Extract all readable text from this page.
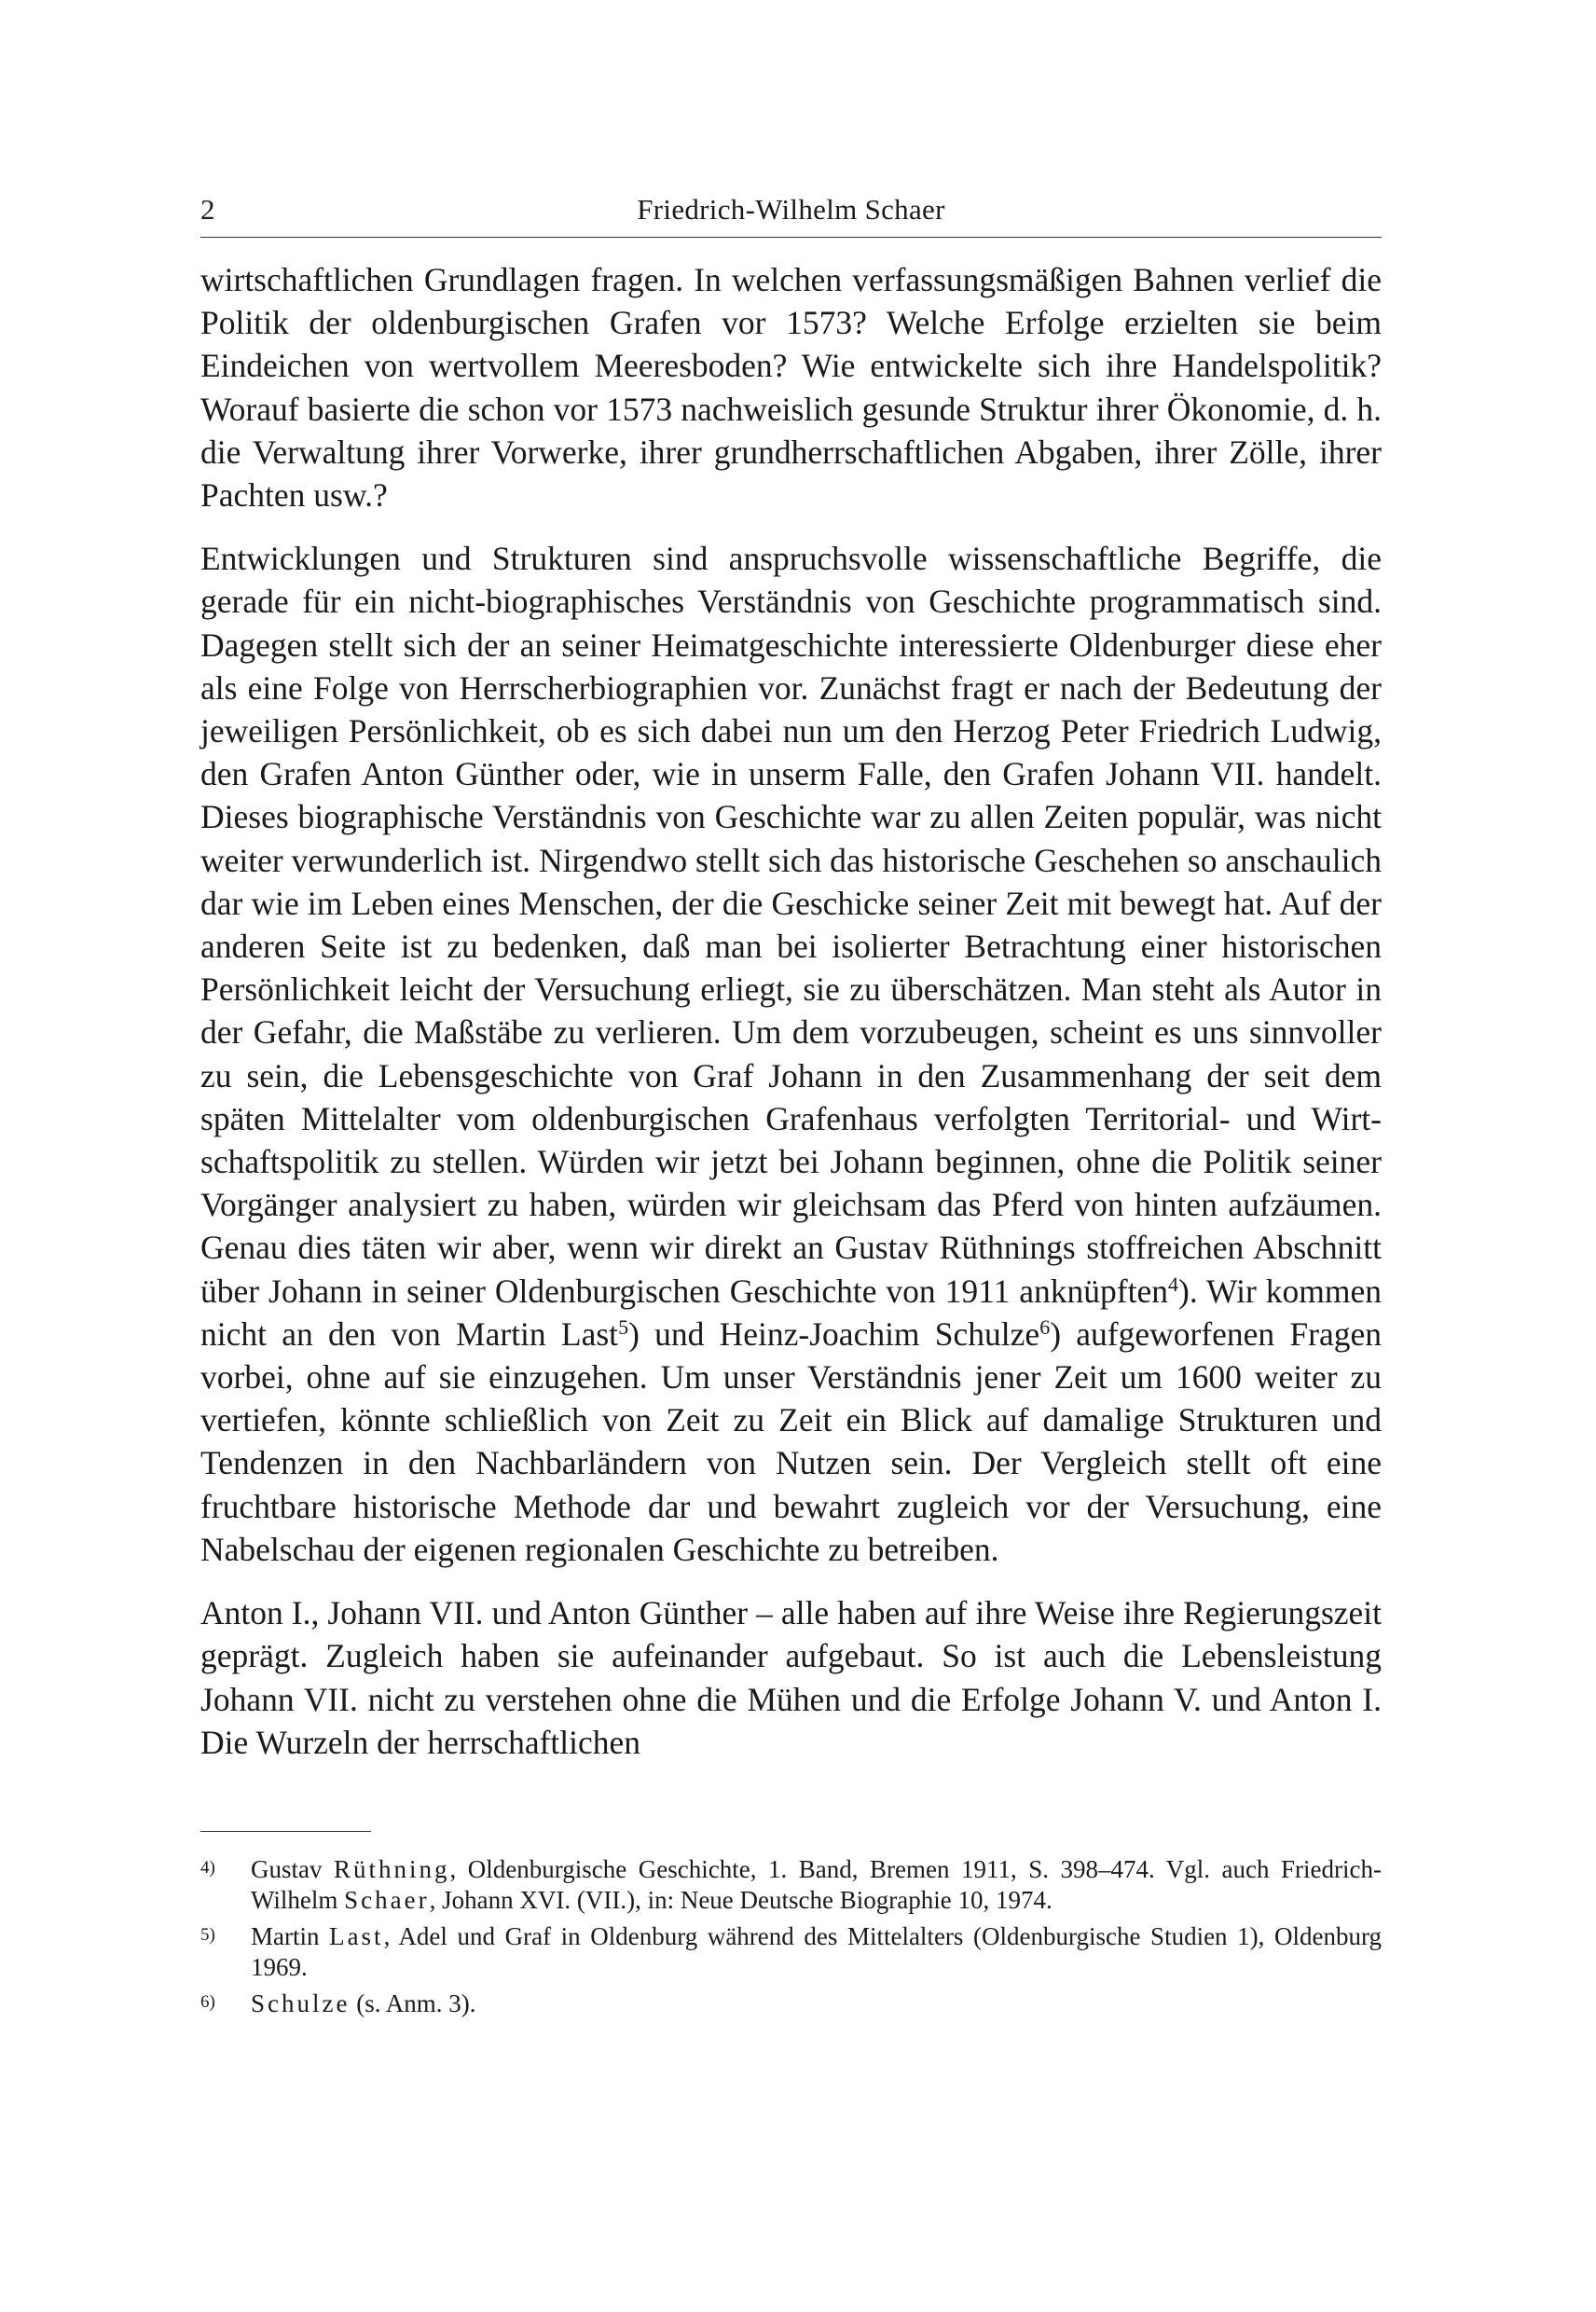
2	Friedrich-Wilhelm Schaer

wirtschaftlichen Grundlagen fragen. In welchen verfassungsmäßigen Bahnen verlief die Politik der oldenburgischen Grafen vor 1573? Welche Erfolge erzielten sie beim Eindeichen von wertvollem Meeresboden? Wie entwickelte sich ihre Handelspolitik? Worauf basierte die schon vor 1573 nachweislich gesunde Struktur ihrer Ökonomie, d. h. die Verwaltung ihrer Vorwerke, ihrer grundherrschaftlichen Abgaben, ihrer Zölle, ihrer Pachten usw.?

Entwicklungen und Strukturen sind anspruchsvolle wissenschaftliche Begriffe, die gerade für ein nicht-biographisches Verständnis von Geschichte programmatisch sind. Dagegen stellt sich der an seiner Heimatgeschichte interessierte Oldenburger diese eher als eine Folge von Herrscherbiographien vor. Zunächst fragt er nach der Bedeutung der jeweiligen Persönlichkeit, ob es sich dabei nun um den Herzog Peter Friedrich Ludwig, den Grafen Anton Günther oder, wie in unserm Falle, den Grafen Johann VII. handelt. Dieses biographische Verständnis von Geschichte war zu allen Zeiten populär, was nicht weiter verwunderlich ist. Nirgendwo stellt sich das historische Geschehen so anschaulich dar wie im Leben eines Menschen, der die Geschicke seiner Zeit mit bewegt hat. Auf der anderen Seite ist zu bedenken, daß man bei isolierter Betrachtung einer historischen Persönlichkeit leicht der Versuchung erliegt, sie zu überschätzen. Man steht als Autor in der Gefahr, die Maßstäbe zu verlieren. Um dem vorzubeugen, scheint es uns sinnvoller zu sein, die Lebensgeschichte von Graf Johann in den Zusammenhang der seit dem späten Mittelalter vom oldenburgischen Grafenhaus verfolgten Territorial- und Wirtschaftspolitik zu stellen. Würden wir jetzt bei Johann beginnen, ohne die Politik seiner Vorgänger analysiert zu haben, würden wir gleichsam das Pferd von hinten aufzäumen. Genau dies täten wir aber, wenn wir direkt an Gustav Rüthnings stoffreichen Abschnitt über Johann in seiner Oldenburgischen Geschichte von 1911 anknüpften$^4$). Wir kommen nicht an den von Martin Last$^5$) und Heinz-Joachim Schulze$^6$) aufgeworfenen Fragen vorbei, ohne auf sie einzugehen. Um unser Verständnis jener Zeit um 1600 weiter zu vertiefen, könnte schließlich von Zeit zu Zeit ein Blick auf damalige Strukturen und Tendenzen in den Nachbarländern von Nutzen sein. Der Vergleich stellt oft eine fruchtbare historische Methode dar und bewahrt zugleich vor der Versuchung, eine Nabelschau der eigenen regionalen Geschichte zu betreiben.

Anton I., Johann VII. und Anton Günther – alle haben auf ihre Weise ihre Regierungszeit geprägt. Zugleich haben sie aufeinander aufgebaut. So ist auch die Lebensleistung Johann VII. nicht zu verstehen ohne die Mühen und die Erfolge Johann V. und Anton I. Die Wurzeln der herrschaftlichen

4)	Gustav Rüthning, Oldenburgische Geschichte, 1. Band, Bremen 1911, S. 398–474. Vgl. auch Friedrich-Wilhelm Schaer, Johann XVI. (VII.), in: Neue Deutsche Biographie 10, 1974.
5)	Martin Last, Adel und Graf in Oldenburg während des Mittelalters (Oldenburgische Studien 1), Oldenburg 1969.
6)	Schulze (s. Anm. 3).
